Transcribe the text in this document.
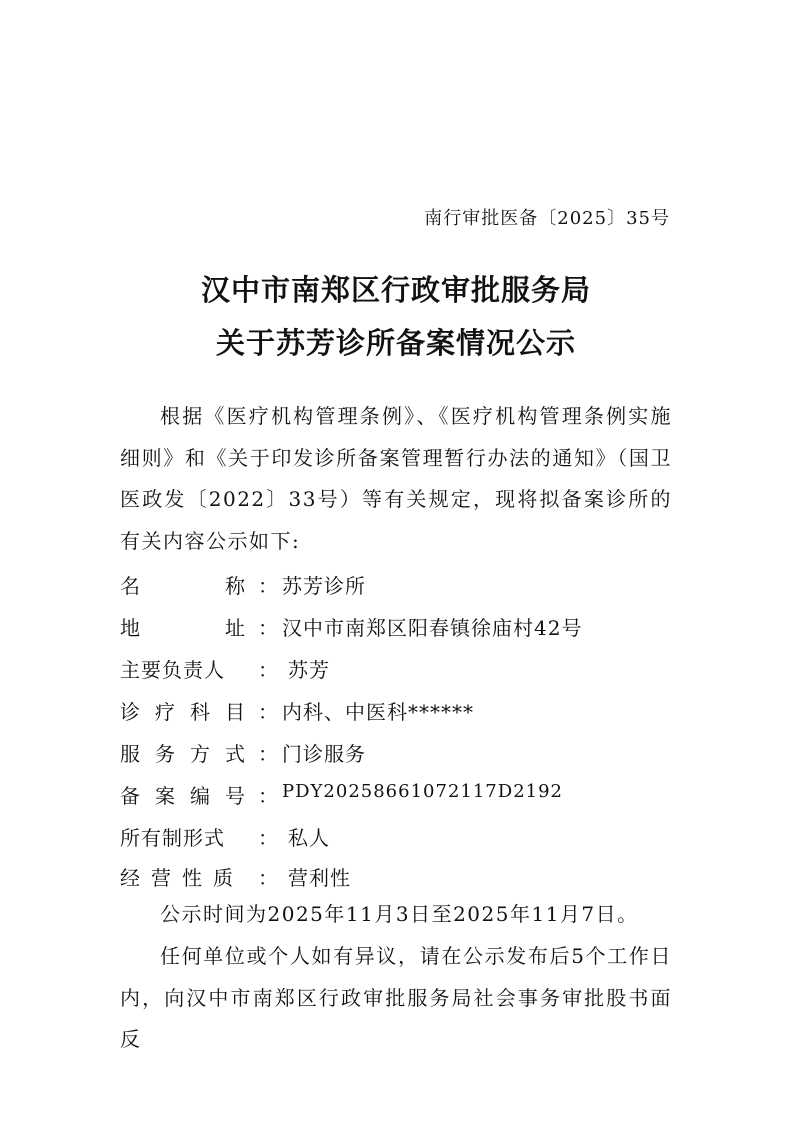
南行审批医备〔2025〕35号
汉中市南郑区行政审批服务局
关于苏芳诊所备案情况公示
根据《医疗机构管理条例》、《医疗机构管理条例实施细则》和《关于印发诊所备案管理暂行办法的通知》（国卫医政发〔2022〕33号）等有关规定，现将拟备案诊所的有关内容公示如下:
名	称 ： 苏芳诊所
地	址 ： 汉中市南郑区阳春镇徐庙村42号
主 要 负 责 人 ： 苏芳
诊 疗 科 目 ： 内科、中医科******
服 务 方 式 ： 门诊服务
备 案 编 号 ： PDY20258661072117D2192
所 有 制 形 式 ： 私人
经 营 性 质 ： 营利性
公示时间为2025年11月3日至2025年11月7日。
任何单位或个人如有异议，请在公示发布后5个工作日内，向汉中市南郑区行政审批服务局社会事务审批股书面反
